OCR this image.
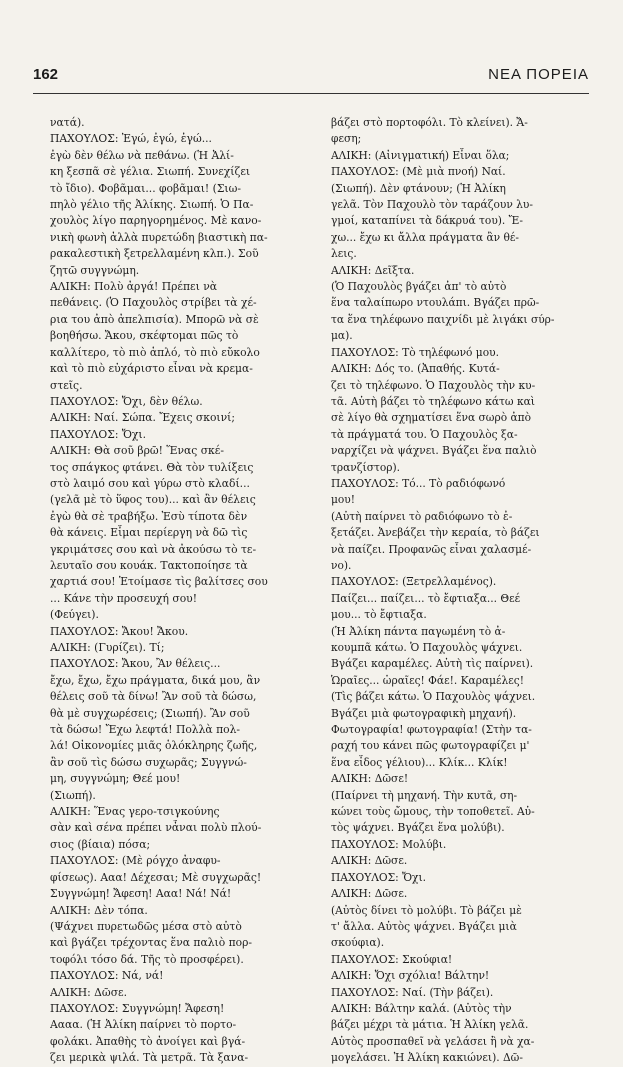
162	ΝΕΑ ΠΟΡΕΙΑ
νατά).
ΠΑΧΟΥΛΟΣ: Ἐγώ, ἐγώ, ἐγώ...
ἐγὼ δὲν θέλω νὰ πεθάνω. (Ἡ Ἀλί-
κη ξεσπᾶ σὲ γέλια. Σιωπή. Συνεχίζει
τὸ ἴδιο). Φοβᾶμαι... φοβᾶμαι! (Σιω-
πηλὸ γέλιο τῆς Ἀλίκης. Σιωπή. Ὁ Πα-
χουλὸς λίγο παρηγορημένος. Μὲ κανο-
νικὴ φωνὴ ἀλλὰ πυρετώδη βιαστικὴ πα-
ρακαλεστικὴ ξετρελλαμένη κλπ.). Σοῦ
ζητῶ συγγνώμη.
ΑΛΙΚΗ: Πολὺ ἀργά! Πρέπει νὰ
πεθάνεις. (Ὁ Παχουλὸς στρίβει τὰ χέ-
ρια του ἀπὸ ἀπελπισία). Μπορῶ νὰ σὲ
βοηθήσω. Ἄκου, σκέφτομαι πῶς τὸ
καλλίτερο, τὸ πιὸ ἁπλό, τὸ πιὸ εὔκολο
καὶ τὸ πιὸ εὐχάριστο εἶναι νὰ κρεμα-
στεῖς.
ΠΑΧΟΥΛΟΣ: Ὄχι, δὲν θέλω.
ΑΛΙΚΗ: Ναί. Σώπα. Ἔχεις σκοινί;
ΠΑΧΟΥΛΟΣ: Ὄχι.
ΑΛΙΚΗ: Θὰ σοῦ βρῶ! Ἕνας σκέ-
τος σπάγκος φτάνει. Θὰ τὸν τυλίξεις
στὸ λαιμό σου καὶ γύρω στὸ κλαδί...
(γελᾶ μὲ τὸ ὕφος του)... καὶ ἂν θέλεις
ἐγὼ θὰ σὲ τραβήξω. Ἐσὺ τίποτα δὲν
θὰ κάνεις. Εἶμαι περίεργη νὰ δῶ τὶς
γκριμάτσες σου καὶ νὰ ἀκούσω τὸ τε-
λευταῖο σου κουάκ. Τακτοποίησε τὰ
χαρτιά σου! Ἑτοίμασε τὶς βαλίτσες σου
... Κάνε τὴν προσευχή σου!
(Φεύγει).
ΠΑΧΟΥΛΟΣ: Ἄκου! Ἄκου.
ΑΛΙΚΗ: (Γυρίζει). Τί;
ΠΑΧΟΥΛΟΣ: Ἄκου, Ἂν θέλεις...
ἔχω, ἔχω, ἔχω πράγματα, δικά μου, ἂν
θέλεις σοῦ τὰ δίνω! Ἂν σοῦ τὰ δώσω,
θὰ μὲ συγχωρέσεις; (Σιωπή). Ἂν σοῦ
τὰ δώσω! Ἔχω λεφτά! Πολλὰ πολ-
λά! Οἰκονομίες μιᾶς ὁλόκληρης ζωῆς,
ἂν σοῦ τὶς δώσω συχωρᾶς; Συγγνώ-
μη, συγγνώμη; Θεέ μου!
(Σιωπή).
ΑΛΙΚΗ: Ἕνας γερο-τσιγκούνης
σὰν καὶ σένα πρέπει νἆναι πολὺ πλού-
σιος (βίαια) πόσα;
ΠΑΧΟΥΛΟΣ: (Μὲ ρόγχο ἀναφυ-
φίσεως). Ααα! Δέχεσαι; Μὲ συγχωρᾶς!
Συγγνώμη! Ἄφεση! Ααα! Νά! Νά!
ΑΛΙΚΗ: Δὲν τόπα.
(Ψάχνει πυρετωδῶς μέσα στὸ αὐτὸ
καὶ βγάζει τρέχοντας ἕνα παλιὸ πορ-
τοφόλι τόσο δά. Τῆς τὸ προσφέρει).
ΠΑΧΟΥΛΟΣ: Νά, νά!
ΑΛΙΚΗ: Δῶσε.
ΠΑΧΟΥΛΟΣ: Συγγνώμη! Ἄφεση!
Αααα. (Ἡ Ἀλίκη παίρνει τὸ πορτο-
φολάκι. Ἀπαθὴς τὸ ἀνοίγει καὶ βγά-
ζει μερικὰ ψιλά. Τὰ μετρᾶ. Τὰ ξανα-
βάζει στὸ πορτοφόλι. Τὸ κλείνει). Ἄ-
φεση;
ΑΛΙΚΗ: (Αἰνιγματική) Εἶναι ὅλα;
ΠΑΧΟΥΛΟΣ: (Μὲ μιὰ πνοή) Ναί.
(Σιωπή). Δὲν φτάνουν; (Ἡ Ἀλίκη
γελᾶ. Τὸν Παχουλὸ τὸν ταράζουν λυ-
γμοί, καταπίνει τὰ δάκρυά του). Ἔ-
χω... ἔχω κι ἄλλα πράγματα ἂν θέ-
λεις.
ΑΛΙΚΗ: Δεῖξτα.
(Ὁ Παχουλὸς βγάζει ἀπ' τὸ αὐτὸ
ἕνα ταλαίπωρο ντουλάπι. Βγάζει πρῶ-
τα ἕνα τηλέφωνο παιχνίδι μὲ λιγάκι σύρ-
μα).
ΠΑΧΟΥΛΟΣ: Τὸ τηλέφωνό μου.
ΑΛΙΚΗ: Δός το. (Ἀπαθής. Κυτά-
ζει τὸ τηλέφωνο. Ὁ Παχουλὸς τὴν κυ-
τᾶ. Αὐτὴ βάζει τὸ τηλέφωνο κάτω καὶ
σὲ λίγο θὰ σχηματίσει ἕνα σωρὸ ἀπὸ
τὰ πράγματά του. Ὁ Παχουλὸς ξα-
ναρχίζει νὰ ψάχνει. Βγάζει ἕνα παλιὸ
τρανζίστορ).
ΠΑΧΟΥΛΟΣ: Τό... Τὸ ραδιόφωνό
μου!
(Αὐτὴ παίρνει τὸ ραδιόφωνο τὸ ἐ-
ξετάζει. Ἀνεβάζει τὴν κεραία, τὸ βάζει
νὰ παίζει. Προφανῶς εἶναι χαλασμέ-
νο).
ΠΑΧΟΥΛΟΣ: (Ξετρελλαμένος).
Παίζει... παίζει... τὸ ἔφτιαξα... Θεέ
μου... τὸ ἔφτιαξα.
(Ἡ Ἀλίκη πάντα παγωμένη τὸ ἀ-
κουμπᾶ κάτω. Ὁ Παχουλὸς ψάχνει.
Βγάζει καραμέλες. Αὐτὴ τὶς παίρνει).
Ὡραῖες... ὡραῖες! Φάε!. Καραμέλες!
(Τὶς βάζει κάτω. Ὁ Παχουλὸς ψάχνει.
Βγάζει μιὰ φωτογραφικὴ μηχανή).
Φωτογραφία! φωτογραφία! (Στὴν τα-
ραχή του κάνει πῶς φωτογραφίζει μ'
ἕνα εἶδος γέλιου)... Κλίκ... Κλίκ!
ΑΛΙΚΗ: Δῶσε!
(Παίρνει τὴ μηχανή. Τὴν κυτᾶ, ση-
κώνει τοὺς ὤμους, τὴν τοποθετεῖ. Αὐ-
τὸς ψάχνει. Βγάζει ἕνα μολύβι).
ΠΑΧΟΥΛΟΣ: Μολύβι.
ΑΛΙΚΗ: Δῶσε.
ΠΑΧΟΥΛΟΣ: Ὄχι.
ΑΛΙΚΗ: Δῶσε.
(Αὐτὸς δίνει τὸ μολύβι. Τὸ βάζει μὲ
τ' ἄλλα. Αὐτὸς ψάχνει. Βγάζει μιὰ
σκούφια).
ΠΑΧΟΥΛΟΣ: Σκούφια!
ΑΛΙΚΗ: Ὄχι σχόλια! Βάλτην!
ΠΑΧΟΥΛΟΣ: Ναί. (Τὴν βάζει).
ΑΛΙΚΗ: Βάλτην καλά. (Αὐτὸς τὴν
βάζει μέχρι τὰ μάτια. Ἡ Ἀλίκη γελᾶ.
Αὐτὸς προσπαθεῖ νὰ γελάσει ἢ νὰ χα-
μογελάσει. Ἡ Ἀλίκη κακιώνει). Δῶ-
